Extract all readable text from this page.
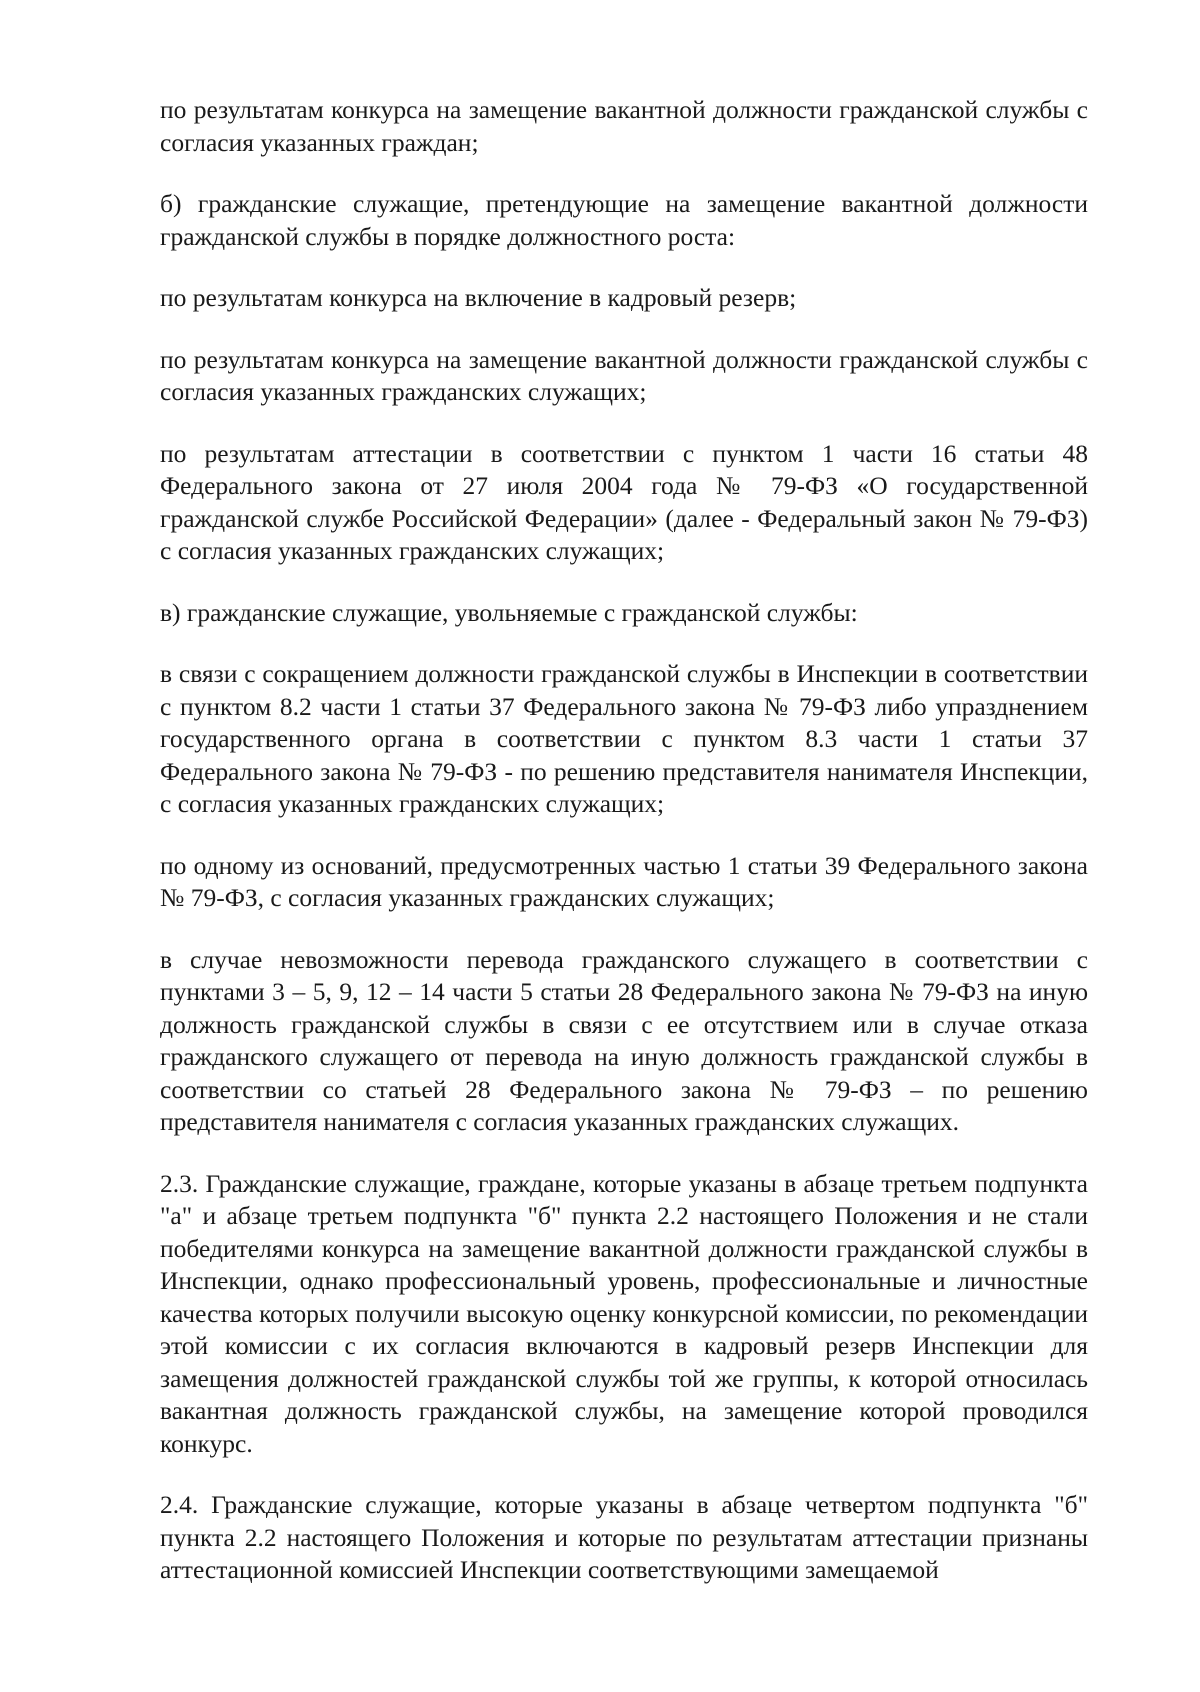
по результатам конкурса на замещение вакантной должности гражданской службы с согласия указанных граждан;

б) гражданские служащие, претендующие на замещение вакантной должности гражданской службы в порядке должностного роста:

по результатам конкурса на включение в кадровый резерв;

по результатам конкурса на замещение вакантной должности гражданской службы с согласия указанных гражданских служащих;

по результатам аттестации в соответствии с пунктом 1 части 16 статьи 48 Федерального закона от 27 июля 2004 года № 79-ФЗ «О государственной гражданской службе Российской Федерации» (далее - Федеральный закон № 79-ФЗ) с согласия указанных гражданских служащих;

в) гражданские служащие, увольняемые с гражданской службы:

в связи с сокращением должности гражданской службы в Инспекции в соответствии с пунктом 8.2 части 1 статьи 37 Федерального закона № 79-ФЗ либо упразднением государственного органа в соответствии с пунктом 8.3 части 1 статьи 37 Федерального закона № 79-ФЗ - по решению представителя нанимателя Инспекции, с согласия указанных гражданских служащих;

по одному из оснований, предусмотренных частью 1 статьи 39 Федерального закона № 79-ФЗ, с согласия указанных гражданских служащих;

в случае невозможности перевода гражданского служащего в соответствии с пунктами 3 – 5, 9, 12 – 14 части 5 статьи 28 Федерального закона № 79-ФЗ на иную должность гражданской службы в связи с ее отсутствием или в случае отказа гражданского служащего от перевода на иную должность гражданской службы в соответствии со статьей 28 Федерального закона № 79-ФЗ – по решению представителя нанимателя с согласия указанных гражданских служащих.

2.3. Гражданские служащие, граждане, которые указаны в абзаце третьем подпункта "а" и абзаце третьем подпункта "б" пункта 2.2 настоящего Положения и не стали победителями конкурса на замещение вакантной должности гражданской службы в Инспекции, однако профессиональный уровень, профессиональные и личностные качества которых получили высокую оценку конкурсной комиссии, по рекомендации этой комиссии с их согласия включаются в кадровый резерв Инспекции для замещения должностей гражданской службы той же группы, к которой относилась вакантная должность гражданской службы, на замещение которой проводился конкурс.

2.4. Гражданские служащие, которые указаны в абзаце четвертом подпункта "б" пункта 2.2 настоящего Положения и которые по результатам аттестации признаны аттестационной комиссией Инспекции соответствующими замещаемой
